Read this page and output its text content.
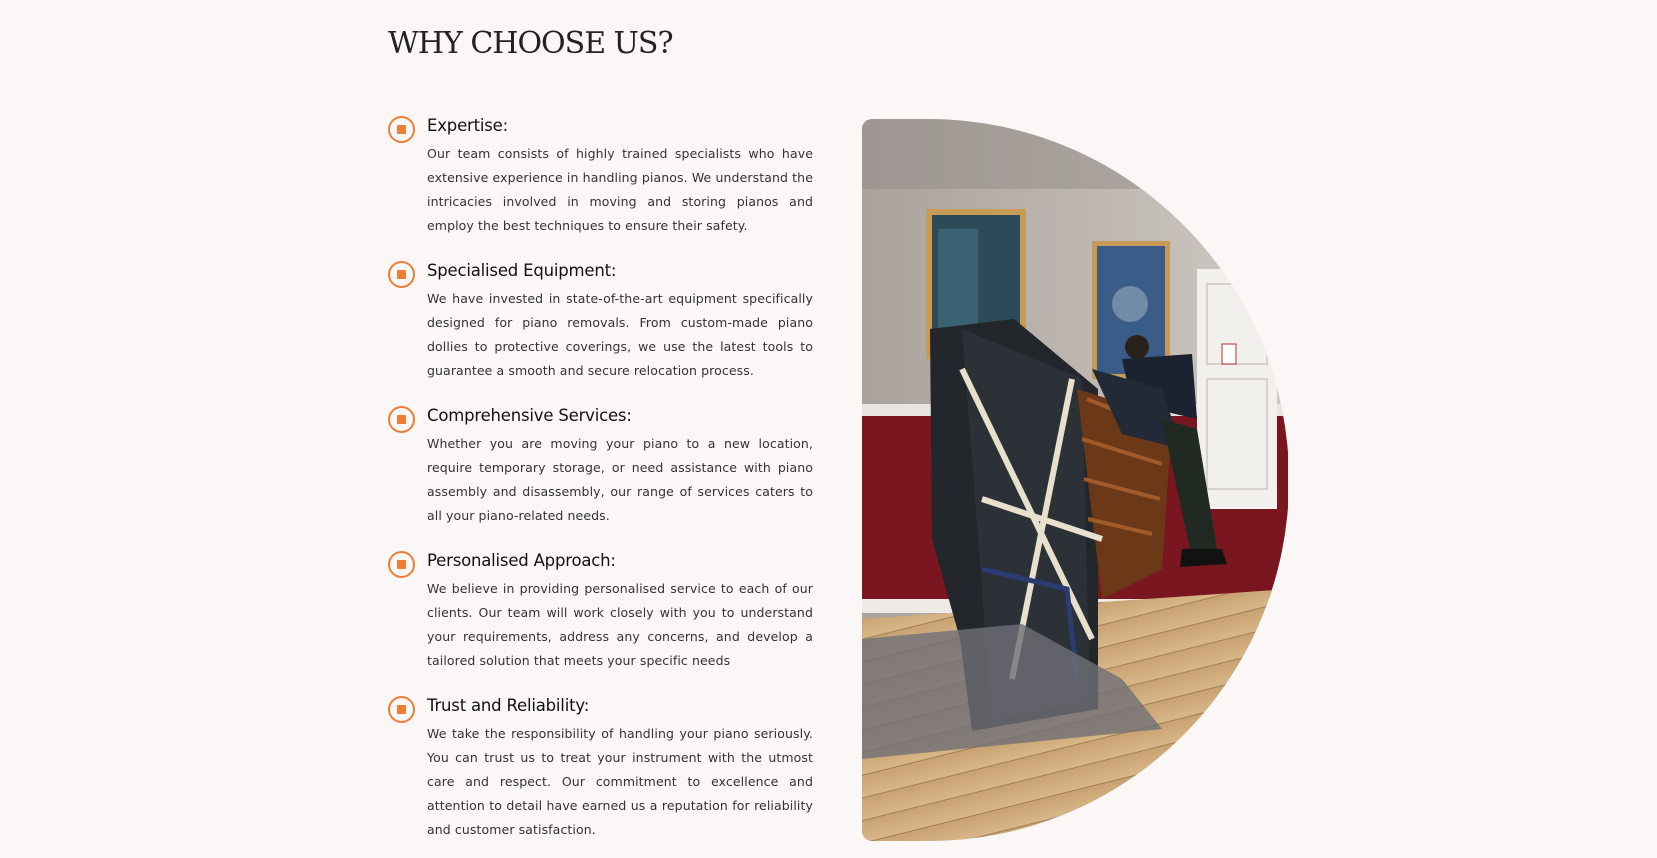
WHY CHOOSE US?
Expertise:

Our team consists of highly trained specialists who have extensive experience in handling pianos. We understand the intricacies involved in moving and storing pianos and employ the best techniques to ensure their safety.

Specialised Equipment:

We have invested in state-of-the-art equipment specifically designed for piano removals. From custom-made piano dollies to protective coverings, we use the latest tools to guarantee a smooth and secure relocation process.

Comprehensive Services:

Whether you are moving your piano to a new location, require temporary storage, or need assistance with piano assembly and disassembly, our range of services caters to all your piano-related needs.

Personalised Approach:

We believe in providing personalised service to each of our clients. Our team will work closely with you to understand your requirements, address any concerns, and develop a tailored solution that meets your specific needs

Trust and Reliability:

We take the responsibility of handling your piano seriously. You can trust us to treat your instrument with the utmost care and respect. Our commitment to excellence and attention to detail have earned us a reputation for reliability and customer satisfaction.
